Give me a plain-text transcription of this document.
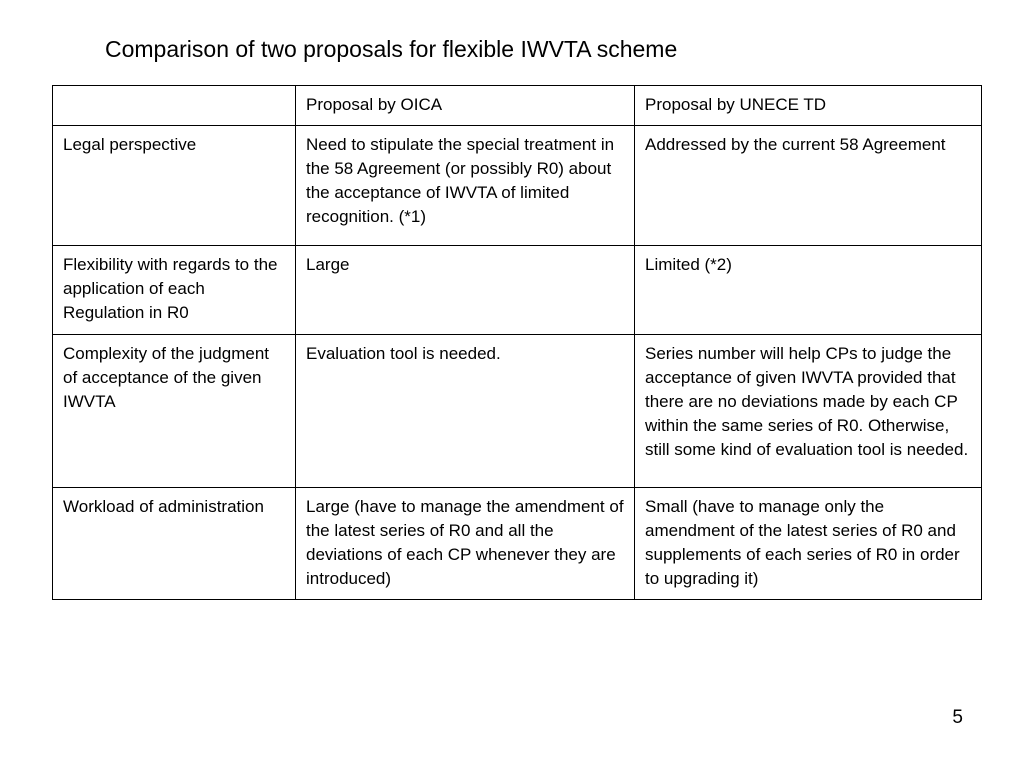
Comparison of two proposals for flexible IWVTA scheme
	Proposal by OICA	Proposal by UNECE TD
Legal perspective	Need to stipulate the special treatment in the 58 Agreement (or possibly R0) about the acceptance of IWVTA of limited recognition. (*1)	Addressed by the current 58 Agreement
Flexibility with regards to the application of each Regulation in R0	Large	Limited (*2)
Complexity of the judgment of acceptance of the given IWVTA	Evaluation tool is needed.	Series number will help CPs to judge the acceptance of given IWVTA provided that there are no deviations made by each CP within the same series of R0. Otherwise, still some kind of evaluation tool is needed.
Workload of administration	Large (have to manage the amendment of the latest series of R0 and all the deviations of each CP whenever they are introduced)	Small (have to manage only the amendment of the latest series of R0 and supplements of each series of R0 in order to upgrading it)
5
